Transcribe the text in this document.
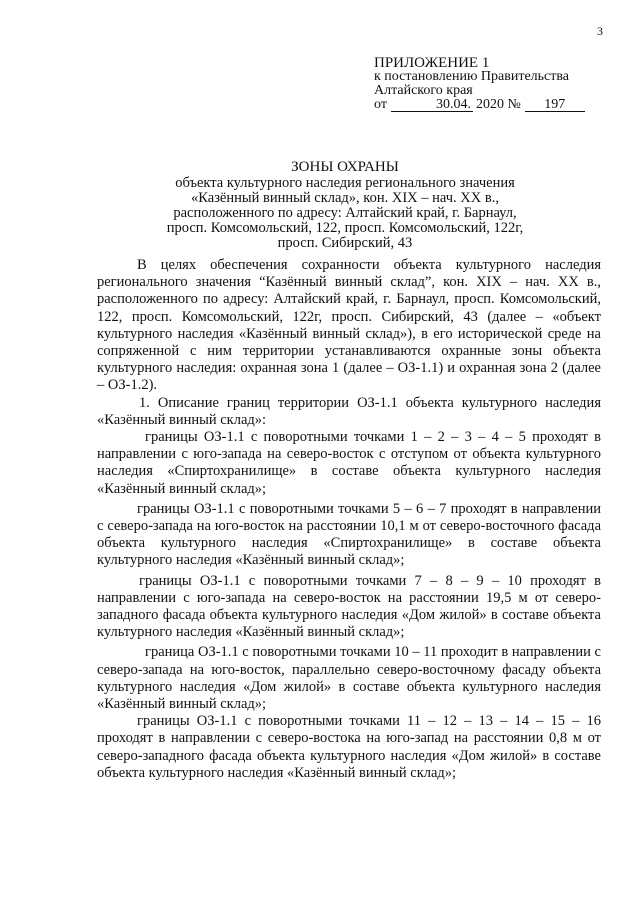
3
ПРИЛОЖЕНИЕ 1
к постановлению Правительства
Алтайского края
от	30.04. 2020
№	197
ЗОНЫ ОХРАНЫ
объекта культурного наследия регионального значения
«Казённый винный склад», кон. XIX – нач. XX в.,
расположенного по адресу: Алтайский край, г. Барнаул,
просп. Комсомольский, 122, просп. Комсомольский, 122г,
просп. Сибирский, 43

В целях обеспечения сохранности объекта культурного наследия регионального значения “Казённый винный склад”, кон. XIX – нач. XX в., расположенного по адресу: Алтайский край, г. Барнаул, просп. Комсомольский, 122, просп. Комсомольский, 122г, просп. Сибирский, 43 (далее – «объект культурного наследия «Казённый винный склад»), в его исторической среде на сопряженной с ним территории устанавливаются охранные зоны объекта культурного наследия: охранная зона 1 (далее – ОЗ-1.1) и охранная зона 2 (далее – ОЗ-1.2).

1. Описание границ территории ОЗ-1.1 объекта культурного наследия «Казённый винный склад»:

границы ОЗ-1.1 с поворотными точками 1 – 2 – 3 – 4 – 5 проходят в направлении с юго-запада на северо-восток с отступом от объекта культурного наследия «Спиртохранилище» в составе объекта культурного наследия «Казённый винный склад»;

границы ОЗ-1.1 с поворотными точками 5 – 6 – 7 проходят в направлении с северо-запада на юго-восток на расстоянии 10,1 м от северо-восточного фасада объекта культурного наследия «Спиртохранилище» в составе объекта культурного наследия «Казённый винный склад»;

границы ОЗ-1.1 с поворотными точками 7 – 8 – 9 – 10 проходят в направлении с юго-запада на северо-восток на расстоянии 19,5 м от северо-западного фасада объекта культурного наследия «Дом жилой» в составе объекта культурного наследия «Казённый винный склад»;

граница ОЗ-1.1 с поворотными точками 10 – 11 проходит в направлении с северо-запада на юго-восток, параллельно северо-восточному фасаду объекта культурного наследия «Дом жилой» в составе объекта культурного наследия «Казённый винный склад»;

границы ОЗ-1.1 с поворотными точками 11 – 12 – 13 – 14 – 15 – 16 проходят в направлении с северо-востока на юго-запад на расстоянии 0,8 м от северо-западного фасада объекта культурного наследия «Дом жилой» в составе объекта культурного наследия «Казённый винный склад»;
